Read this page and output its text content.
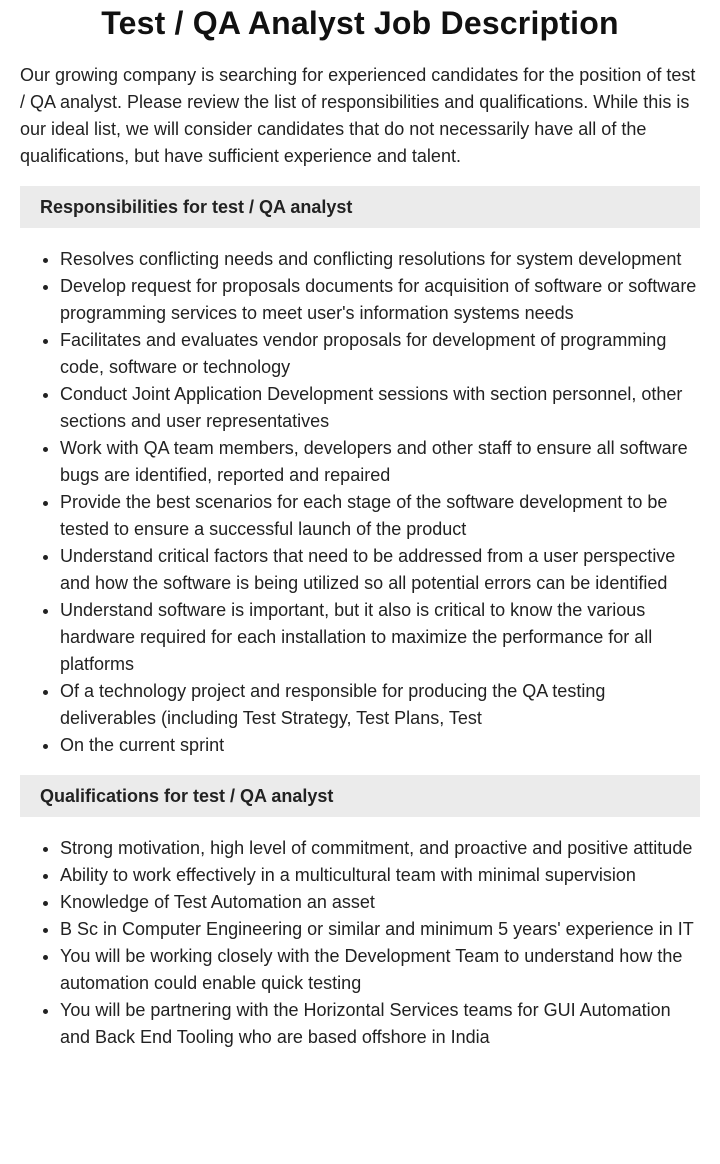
Test / QA Analyst Job Description

Our growing company is searching for experienced candidates for the position of test / QA analyst. Please review the list of responsibilities and qualifications. While this is our ideal list, we will consider candidates that do not necessarily have all of the qualifications, but have sufficient experience and talent.

Responsibilities for test / QA analyst
• Resolves conflicting needs and conflicting resolutions for system development
• Develop request for proposals documents for acquisition of software or software programming services to meet user's information systems needs
• Facilitates and evaluates vendor proposals for development of programming code, software or technology
• Conduct Joint Application Development sessions with section personnel, other sections and user representatives
• Work with QA team members, developers and other staff to ensure all software bugs are identified, reported and repaired
• Provide the best scenarios for each stage of the software development to be tested to ensure a successful launch of the product
• Understand critical factors that need to be addressed from a user perspective and how the software is being utilized so all potential errors can be identified
• Understand software is important, but it also is critical to know the various hardware required for each installation to maximize the performance for all platforms
• Of a technology project and responsible for producing the QA testing deliverables (including Test Strategy, Test Plans, Test
• On the current sprint
Qualifications for test / QA analyst
• Strong motivation, high level of commitment, and proactive and positive attitude
• Ability to work effectively in a multicultural team with minimal supervision
• Knowledge of Test Automation an asset
• B Sc in Computer Engineering or similar and minimum 5 years' experience in IT
• You will be working closely with the Development Team to understand how the automation could enable quick testing
• You will be partnering with the Horizontal Services teams for GUI Automation and Back End Tooling who are based offshore in India
